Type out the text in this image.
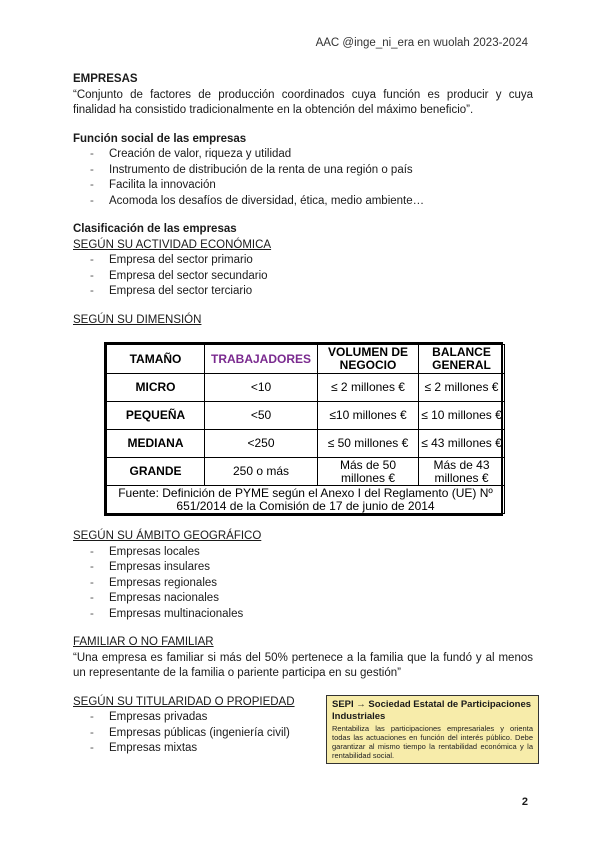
AAC @inge_ni_era en wuolah 2023-2024

EMPRESAS

“Conjunto de factores de producción coordinados cuya función es producir y cuya finalidad ha consistido tradicionalmente en la obtención del máximo beneficio”.

Función social de las empresas

- Creación de valor, riqueza y utilidad
- Instrumento de distribución de la renta de una región o país
- Facilita la innovación
- Acomoda los desafíos de diversidad, ética, medio ambiente…

Clasificación de las empresas

SEGÚN SU ACTIVIDAD ECONÓMICA

- Empresa del sector primario
- Empresa del sector secundario
- Empresa del sector terciario

SEGÚN SU DIMENSIÓN

TAMAÑO	TRABAJADORES	VOLUMEN DE NEGOCIO	BALANCE GENERAL
MICRO	<10	≤ 2 millones €	≤ 2 millones €
PEQUEÑA	<50	≤10 millones €	≤ 10 millones €
MEDIANA	<250	≤ 50 millones €	≤ 43 millones €
GRANDE	250 o más	Más de 50 millones €	Más de 43 millones €
Fuente: Definición de PYME según el Anexo I del Reglamento (UE) Nº 651/2014 de la Comisión de 17 de junio de 2014			

SEGÚN SU ÁMBITO GEOGRÁFICO

- Empresas locales
- Empresas insulares
- Empresas regionales
- Empresas nacionales
- Empresas multinacionales

FAMILIAR O NO FAMILIAR

“Una empresa es familiar si más del 50% pertenece a la familia que la fundó y al menos un representante de la familia o pariente participa en su gestión”

SEGÚN SU TITULARIDAD O PROPIEDAD

- Empresas privadas
- Empresas públicas (ingeniería civil)
- Empresas mixtas
SEPI → Sociedad Estatal de Participaciones Industriales
Rentabiliza las participaciones empresariales y orienta todas las actuaciones en función del interés público. Debe garantizar al mismo tiempo la rentabilidad económica y la rentabilidad social.
2
